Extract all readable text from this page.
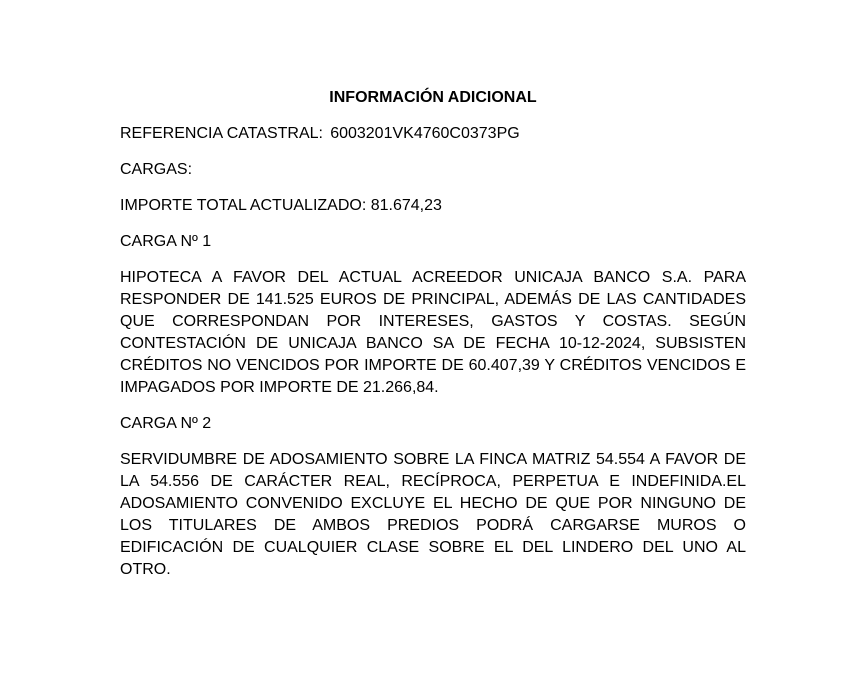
INFORMACIÓN ADICIONAL

REFERENCIA CATASTRAL: 6003201VK4760C0373PG

CARGAS:

IMPORTE TOTAL ACTUALIZADO: 81.674,23

CARGA Nº 1

HIPOTECA A FAVOR DEL ACTUAL ACREEDOR UNICAJA BANCO S.A. PARA RESPONDER DE 141.525 EUROS DE PRINCIPAL, ADEMÁS DE LAS CANTIDADES QUE CORRESPONDAN POR INTERESES, GASTOS Y COSTAS. SEGÚN CONTESTACIÓN DE UNICAJA BANCO SA DE FECHA 10-12-2024, SUBSISTEN CRÉDITOS NO VENCIDOS POR IMPORTE DE 60.407,39 Y CRÉDITOS VENCIDOS E IMPAGADOS POR IMPORTE DE 21.266,84.

CARGA Nº 2

SERVIDUMBRE DE ADOSAMIENTO SOBRE LA FINCA MATRIZ 54.554 A FAVOR DE LA 54.556 DE CARÁCTER REAL, RECÍPROCA, PERPETUA E INDEFINIDA.EL ADOSAMIENTO CONVENIDO EXCLUYE EL HECHO DE QUE POR NINGUNO DE LOS TITULARES DE AMBOS PREDIOS PODRÁ CARGARSE MUROS O EDIFICACIÓN DE CUALQUIER CLASE SOBRE EL DEL LINDERO DEL UNO AL OTRO.
